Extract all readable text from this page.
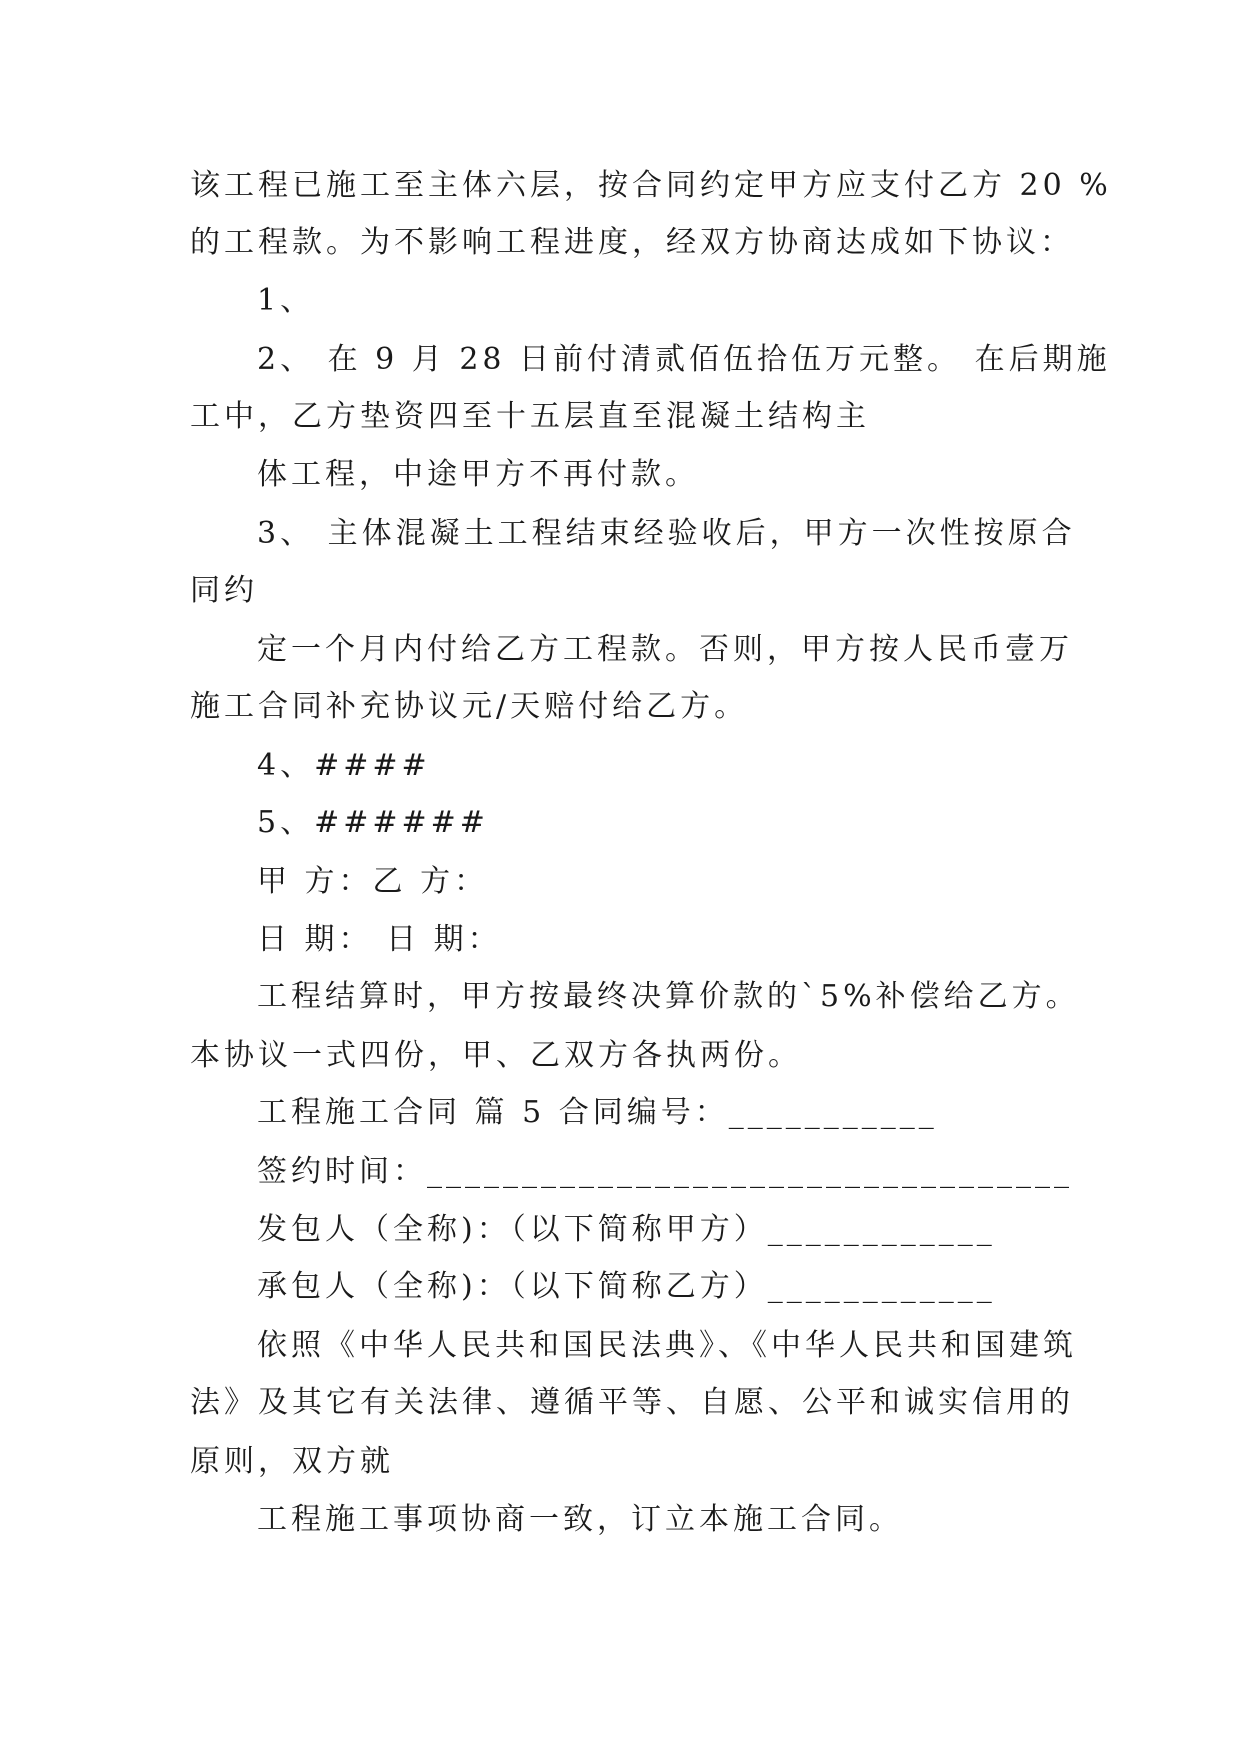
该工程已施工至主体六层，按合同约定甲方应支付乙方 20 %
的工程款。为不影响工程进度，经双方协商达成如下协议：
1、
2、 在 9 月 28 日前付清贰佰伍拾伍万元整。 在后期施
工中，乙方垫资四至十五层直至混凝土结构主
体工程，中途甲方不再付款。
3、 主体混凝土工程结束经验收后，甲方一次性按原合
同约
定一个月内付给乙方工程款。否则，甲方按人民币壹万
施工合同补充协议元/天赔付给乙方。
4、####
5、######
甲 方：乙 方：
日 期： 日 期：
工程结算时，甲方按最终决算价款的`5%补偿给乙方。
本协议一式四份，甲、乙双方各执两份。
工程施工合同 篇 5 合同编号：___________
签约时间：__________________________________
发包人（全称)：（以下简称甲方）____________
承包人（全称)：（以下简称乙方）____________
依照《中华人民共和国民法典》、《中华人民共和国建筑
法》及其它有关法律、遵循平等、自愿、公平和诚实信用的
原则，双方就
工程施工事项协商一致，订立本施工合同。
